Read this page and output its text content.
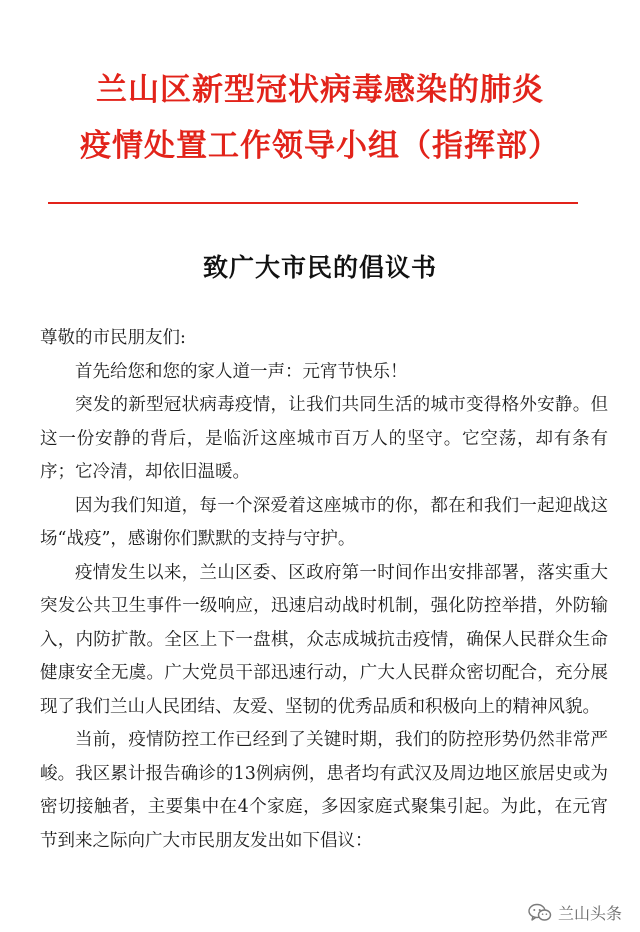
兰山区新型冠状病毒感染的肺炎
疫情处置工作领导小组（指挥部）
致广大市民的倡议书

尊敬的市民朋友们:

首先给您和您的家人道一声：元宵节快乐！

突发的新型冠状病毒疫情，让我们共同生活的城市变得格外安静。但这一份安静的背后，是临沂这座城市百万人的坚守。它空荡，却有条有序；它冷清，却依旧温暖。

因为我们知道，每一个深爱着这座城市的你，都在和我们一起迎战这场“战疫”，感谢你们默默的支持与守护。

疫情发生以来，兰山区委、区政府第一时间作出安排部署，落实重大突发公共卫生事件一级响应，迅速启动战时机制，强化防控举措，外防输入，内防扩散。全区上下一盘棋，众志成城抗击疫情，确保人民群众生命健康安全无虞。广大党员干部迅速行动，广大人民群众密切配合，充分展现了我们兰山人民团结、友爱、坚韧的优秀品质和积极向上的精神风貌。

当前，疫情防控工作已经到了关键时期，我们的防控形势仍然非常严峻。我区累计报告确诊的13例病例，患者均有武汉及周边地区旅居史或为密切接触者，主要集中在4个家庭，多因家庭式聚集引起。为此，在元宵节到来之际向广大市民朋友发出如下倡议：

兰山头条
